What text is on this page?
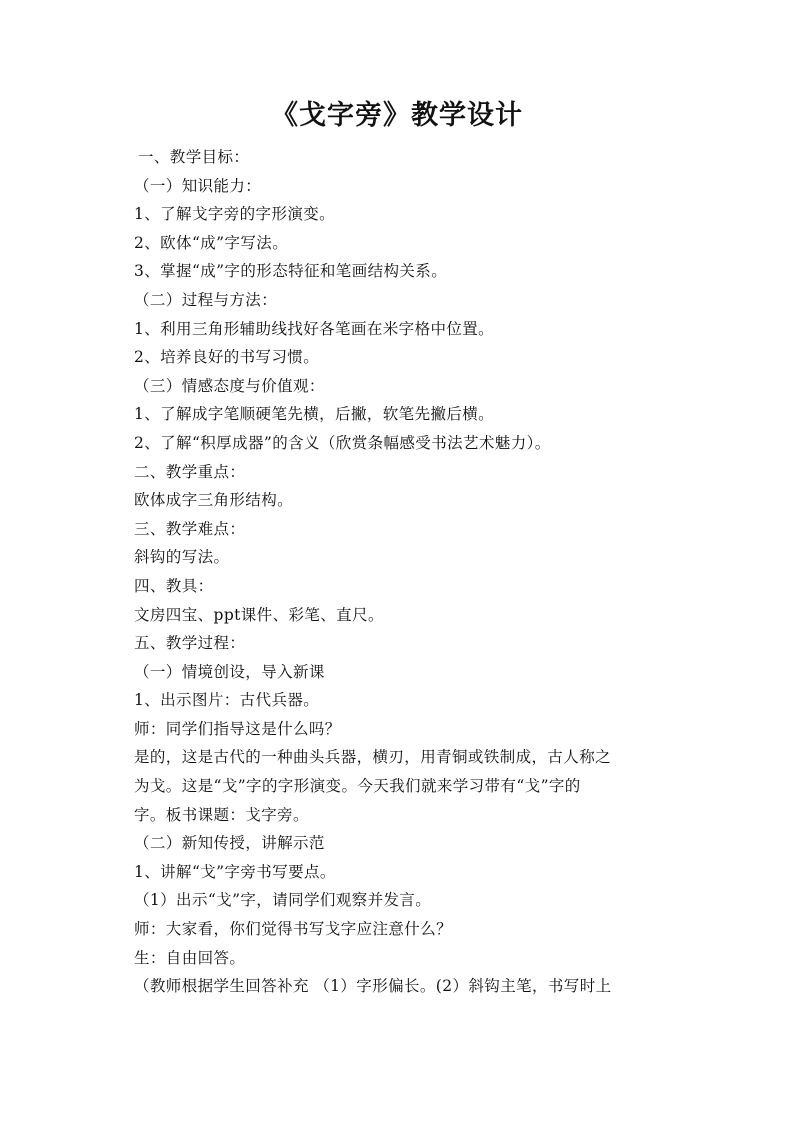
《戈字旁》教学设计
一、教学目标：
（一）知识能力：
1、了解戈字旁的字形演变。
2、欧体“成”字写法。
3、掌握“成”字的形态特征和笔画结构关系。
（二）过程与方法：
1、利用三角形辅助线找好各笔画在米字格中位置。
2、培养良好的书写习惯。
（三）情感态度与价值观：
1、了解成字笔顺硬笔先横，后撇，软笔先撇后横。
2、了解“积厚成器”的含义（欣赏条幅感受书法艺术魅力）。
二、教学重点：
欧体成字三角形结构。
三、教学难点：
斜钩的写法。
四、教具：
文房四宝、ppt课件、彩笔、直尺。
五、教学过程：
（一）情境创设，导入新课
1、出示图片：古代兵器。
师：同学们指导这是什么吗？
是的，这是古代的一种曲头兵器，横刃，用青铜或铁制成，古人称之
为戈。这是“戈”字的字形演变。今天我们就来学习带有“戈”字的
字。板书课题：戈字旁。
（二）新知传授，讲解示范
1、讲解“戈”字旁书写要点。
（1）出示“戈”字，请同学们观察并发言。
师：大家看，你们觉得书写戈字应注意什么？
生：自由回答。
（教师根据学生回答补充 （1）字形偏长。(2）斜钩主笔，书写时上
